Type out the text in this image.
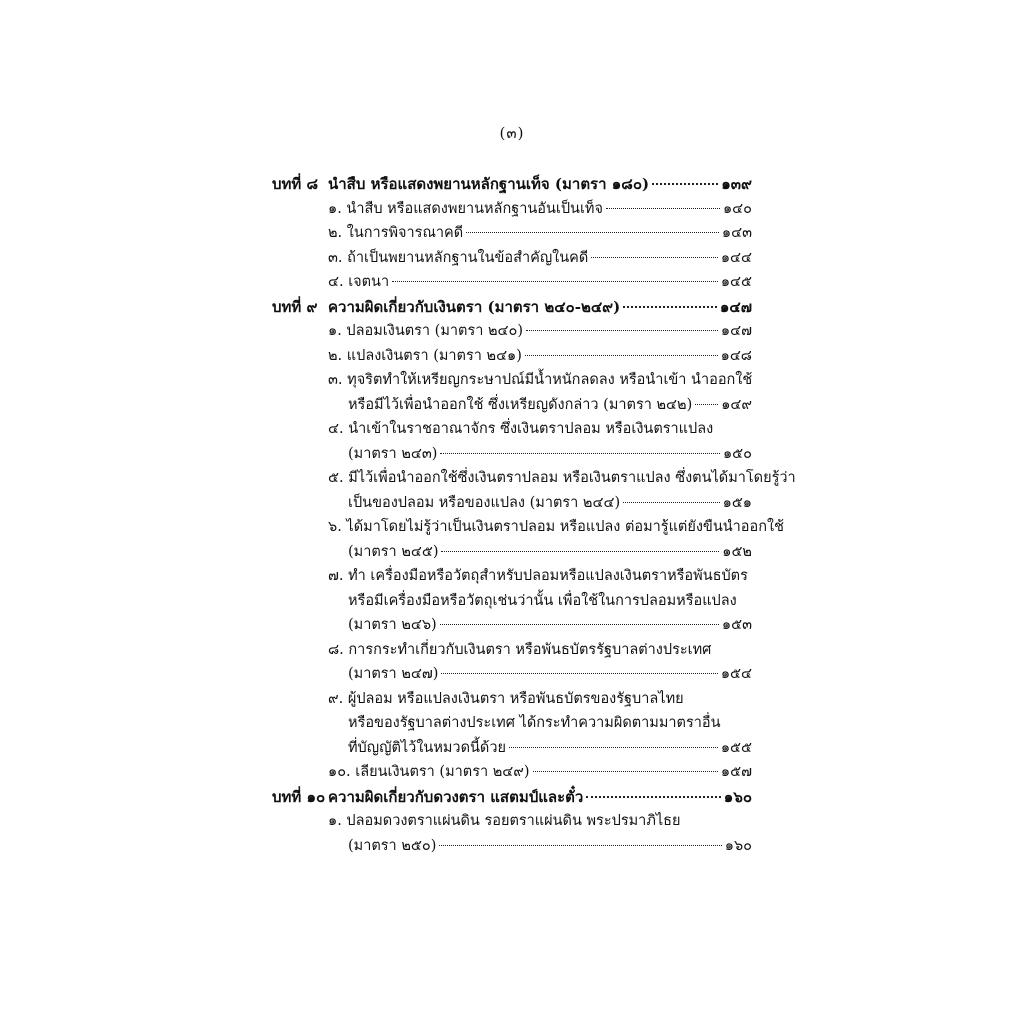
(๓)
บทที่ ๘ นำสืบ หรือแสดงพยานหลักฐานเท็จ (มาตรา ๑๘๐)	๑๓๙
๑. นำสืบ หรือแสดงพยานหลักฐานอันเป็นเท็จ	๑๔๐
๒. ในการพิจารณาคดี	๑๔๓
๓. ถ้าเป็นพยานหลักฐานในข้อสำคัญในคดี	๑๔๔
๔. เจตนา	๑๔๕
บทที่ ๙ ความผิดเกี่ยวกับเงินตรา (มาตรา ๒๔๐-๒๔๙)	๑๔๗
๑. ปลอมเงินตรา (มาตรา ๒๔๐)	๑๔๗
๒. แปลงเงินตรา (มาตรา ๒๔๑)	๑๔๘
๓. ทุจริตทำให้เหรียญกระษาปณ์มีน้ำหนักลดลง หรือนำเข้า นำออกใช้
หรือมีไว้เพื่อนำออกใช้ ซึ่งเหรียญดังกล่าว (มาตรา ๒๔๒) ๑๔๙
๔. นำเข้าในราชอาณาจักร ซึ่งเงินตราปลอม หรือเงินตราแปลง
(มาตรา ๒๔๓)	๑๕๐
๕. มีไว้เพื่อนำออกใช้ซึ่งเงินตราปลอม หรือเงินตราแปลง ซึ่งตนได้มาโดยรู้ว่า
เป็นของปลอม หรือของแปลง (มาตรา ๒๔๔)	๑๕๑
๖. ได้มาโดยไม่รู้ว่าเป็นเงินตราปลอม หรือแปลง ต่อมารู้แต่ยังขืนนำออกใช้
(มาตรา ๒๔๕)	๑๕๒
๗. ทำ เครื่องมือหรือวัตถุสำหรับปลอมหรือแปลงเงินตราหรือพันธบัตร
หรือมีเครื่องมือหรือวัตถุเช่นว่านั้น เพื่อใช้ในการปลอมหรือแปลง
(มาตรา ๒๔๖)	๑๕๓
๘. การกระทำเกี่ยวกับเงินตรา หรือพันธบัตรรัฐบาลต่างประเทศ
(มาตรา ๒๔๗)	๑๕๔
๙. ผู้ปลอม หรือแปลงเงินตรา หรือพันธบัตรของรัฐบาลไทย
หรือของรัฐบาลต่างประเทศ ได้กระทำความผิดตามมาตราอื่น
ที่บัญญัติไว้ในหมวดนี้ด้วย	๑๕๕
๑๐. เลียนเงินตรา (มาตรา ๒๔๙)	๑๕๗
บทที่ ๑๐ ความผิดเกี่ยวกับดวงตรา แสตมป์และตั๋ว	๑๖๐
๑. ปลอมดวงตราแผ่นดิน รอยตราแผ่นดิน พระปรมาภิไธย
(มาตรา ๒๕๐)	๑๖๐
